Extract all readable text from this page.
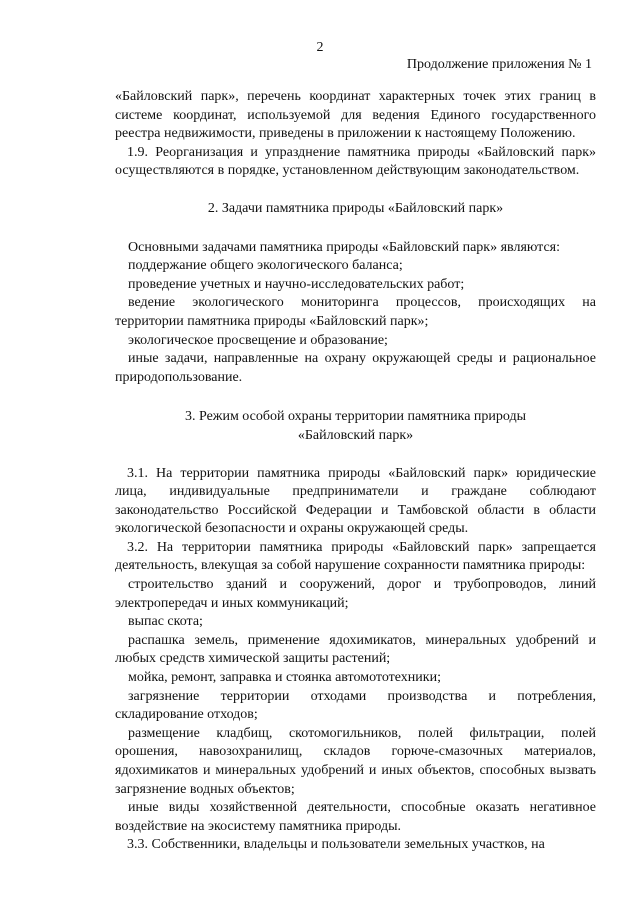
2
Продолжение приложения № 1

«Байловский парк», перечень координат характерных точек этих границ в системе координат, используемой для ведения Единого государственного реестра недвижимости, приведены в приложении к настоящему Положению.

1.9. Реорганизация и упразднение памятника природы «Байловский парк» осуществляются в порядке, установленном действующим законодательством.

2. Задачи памятника природы «Байловский парк»

Основными задачами памятника природы «Байловский парк» являются:

поддержание общего экологического баланса;

проведение учетных и научно-исследовательских работ;

ведение экологического мониторинга процессов, происходящих на территории памятника природы «Байловский парк»;

экологическое просвещение и образование;

иные задачи, направленные на охрану окружающей среды и рациональное природопользование.

3. Режим особой охраны территории памятника природы
«Байловский парк»

3.1. На территории памятника природы «Байловский парк» юридические лица, индивидуальные предприниматели и граждане соблюдают законодательство Российской Федерации и Тамбовской области в области экологической безопасности и охраны окружающей среды.

3.2. На территории памятника природы «Байловский парк» запрещается деятельность, влекущая за собой нарушение сохранности памятника природы:

строительство зданий и сооружений, дорог и трубопроводов, линий электропередач и иных коммуникаций;

выпас скота;

распашка земель, применение ядохимикатов, минеральных удобрений и любых средств химической защиты растений;

мойка, ремонт, заправка и стоянка автомототехники;

загрязнение территории отходами производства и потребления, складирование отходов;

размещение кладбищ, скотомогильников, полей фильтрации, полей орошения, навозохранилищ, складов горюче-смазочных материалов, ядохимикатов и минеральных удобрений и иных объектов, способных вызвать загрязнение водных объектов;

иные виды хозяйственной деятельности, способные оказать негативное воздействие на экосистему памятника природы.

3.3. Собственники, владельцы и пользователи земельных участков, на
